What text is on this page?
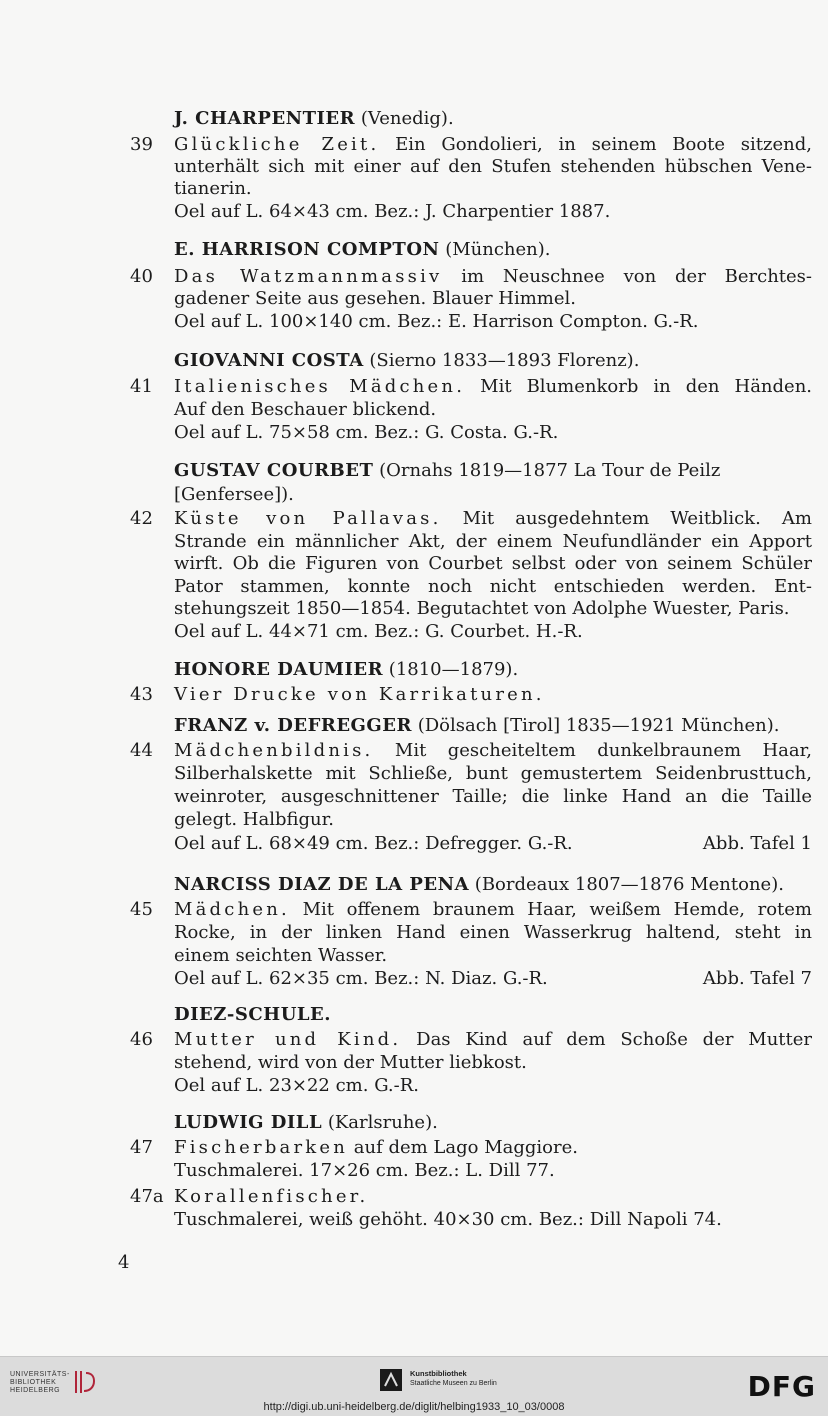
J. CHARPENTIER (Venedig).
39 Glückliche Zeit. Ein Gondolieri, in seinem Boote sitzend,
unterhält sich mit einer auf den Stufen stehenden hübschen Vene-
tianerin.
Oel auf L. 64×43 cm. Bez.: J. Charpentier 1887.
E. HARRISON COMPTON (München).
40 Das Watzmannmassiv im Neuschnee von der Berchtes-
gadener Seite aus gesehen. Blauer Himmel.
Oel auf L. 100×140 cm. Bez.: E. Harrison Compton. G.-R.
GIOVANNI COSTA (Sierno 1833—1893 Florenz).
41 Italienisches Mädchen. Mit Blumenkorb in den Händen.
Auf den Beschauer blickend.
Oel auf L. 75×58 cm. Bez.: G. Costa. G.-R.
GUSTAV COURBET (Ornahs 1819—1877 La Tour de Peilz
[Genfersee]).
42 Küste von Pallavas. Mit ausgedehntem Weitblick. Am
Strande ein männlicher Akt, der einem Neufundländer ein Apport
wirft. Ob die Figuren von Courbet selbst oder von seinem Schüler
Pator stammen, konnte noch nicht entschieden werden. Ent-
stehungszeit 1850—1854. Begutachtet von Adolphe Wuester, Paris.
Oel auf L. 44×71 cm. Bez.: G. Courbet. H.-R.
HONORE DAUMIER (1810—1879).
43 Vier Drucke von Karrikaturen.
FRANZ v. DEFREGGER (Dölsach [Tirol] 1835—1921 München).
44 Mädchenbildnis. Mit gescheiteltem dunkelbraunem Haar,
Silberhalskette mit Schließe, bunt gemustertem Seidenbrusttuch,
weinroter, ausgeschnittener Taille; die linke Hand an die Taille
gelegt. Halbfigur.
Oel auf L. 68×49 cm. Bez.: Defregger. G.-R.	Abb. Tafel 1
NARCISS DIAZ DE LA PENA (Bordeaux 1807—1876 Mentone).
45 Mädchen. Mit offenem braunem Haar, weißem Hemde, rotem
Rocke, in der linken Hand einen Wasserkrug haltend, steht in
einem seichten Wasser.
Oel auf L. 62×35 cm. Bez.: N. Diaz. G.-R.	Abb. Tafel 7
DIEZ-SCHULE.
46 Mutter und Kind. Das Kind auf dem Schoße der Mutter
stehend, wird von der Mutter liebkost.
Oel auf L. 23×22 cm. G.-R.
LUDWIG DILL (Karlsruhe).
47 Fischerbarken auf dem Lago Maggiore.
Tuschmalerei. 17×26 cm. Bez.: L. Dill 77.
47a Korallenfischer.
Tuschmalerei, weiß gehöht. 40×30 cm. Bez.: Dill Napoli 74.
4
UNIVERSITÄTS-
BIBLIOTHEK
HEIDELBERG
Kunstbibliothek
Staatliche Museen zu Berlin	DFG
http://digi.ub.uni-heidelberg.de/diglit/helbing1933_10_03/0008
